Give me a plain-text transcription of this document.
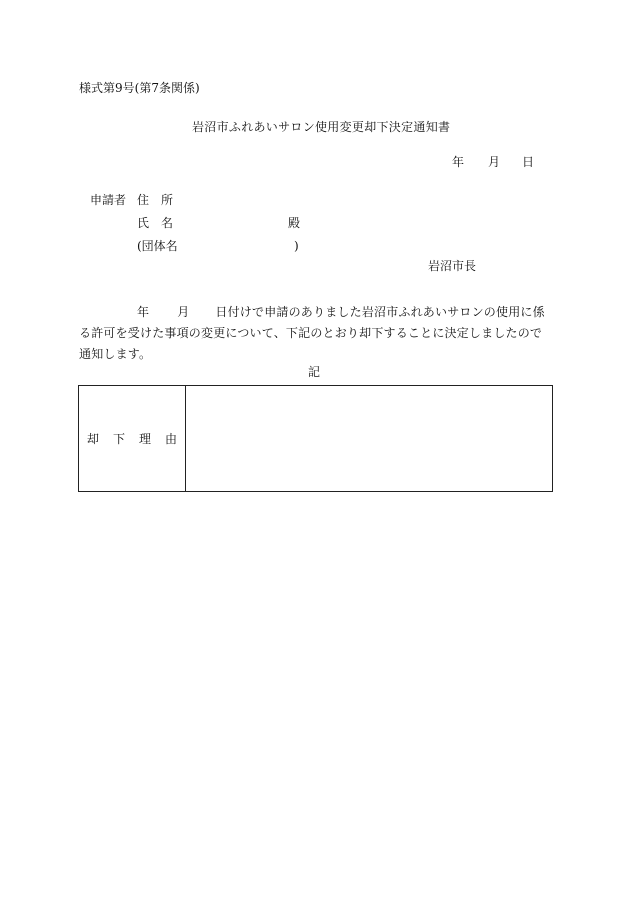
様式第9号(第7条関係)
岩沼市ふれあいサロン使用変更却下決定通知書
年 月 日
申請者 住　所
氏　名	殿
(団体名	)
岩沼市長
年 月 日付けで申請のありました岩沼市ふれあいサロンの使用に係る許可を受けた事項の変更について、下記のとおり却下することに決定しましたので通知します。
記
却下理由	
